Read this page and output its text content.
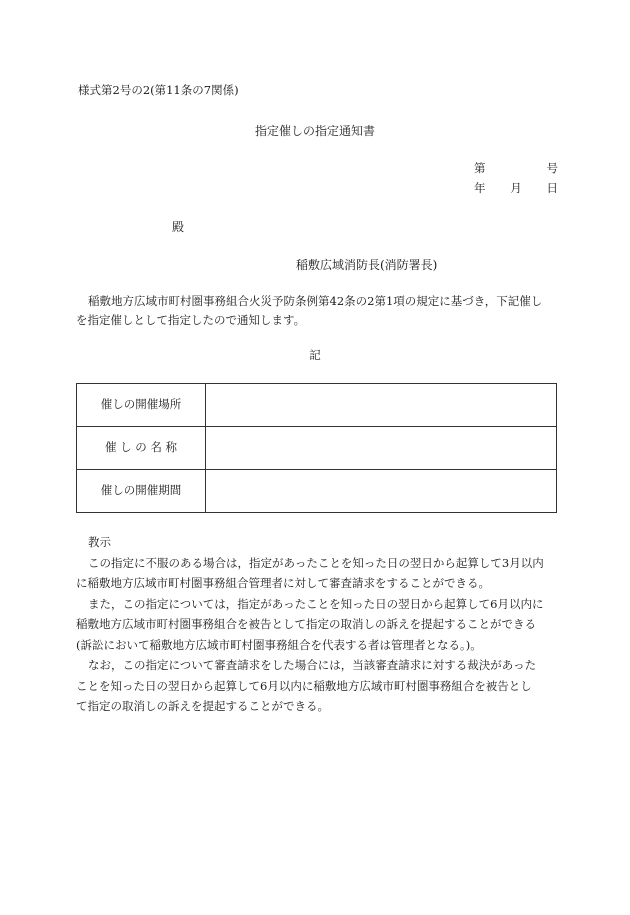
様式第2号の2(第11条の7関係)
指定催しの指定通知書
第	号
年 月 日
殿
稲敷広域消防長(消防署長)
稲敷地方広域市町村圏事務組合火災予防条例第42条の2第1項の規定に基づき，下記催し
を指定催しとして指定したので通知します。
記
催しの開催場所	
催 し の 名 称	
催しの開催期間	

教示

この指定に不服のある場合は，指定があったことを知った日の翌日から起算して3月以内

に稲敷地方広域市町村圏事務組合管理者に対して審査請求をすることができる。

また，この指定については，指定があったことを知った日の翌日から起算して6月以内に

稲敷地方広域市町村圏事務組合を被告として指定の取消しの訴えを提起することができる

(訴訟において稲敷地方広域市町村圏事務組合を代表する者は管理者となる。)。

なお，この指定について審査請求をした場合には，当該審査請求に対する裁決があった

ことを知った日の翌日から起算して6月以内に稲敷地方広域市町村圏事務組合を被告とし

て指定の取消しの訴えを提起することができる。
